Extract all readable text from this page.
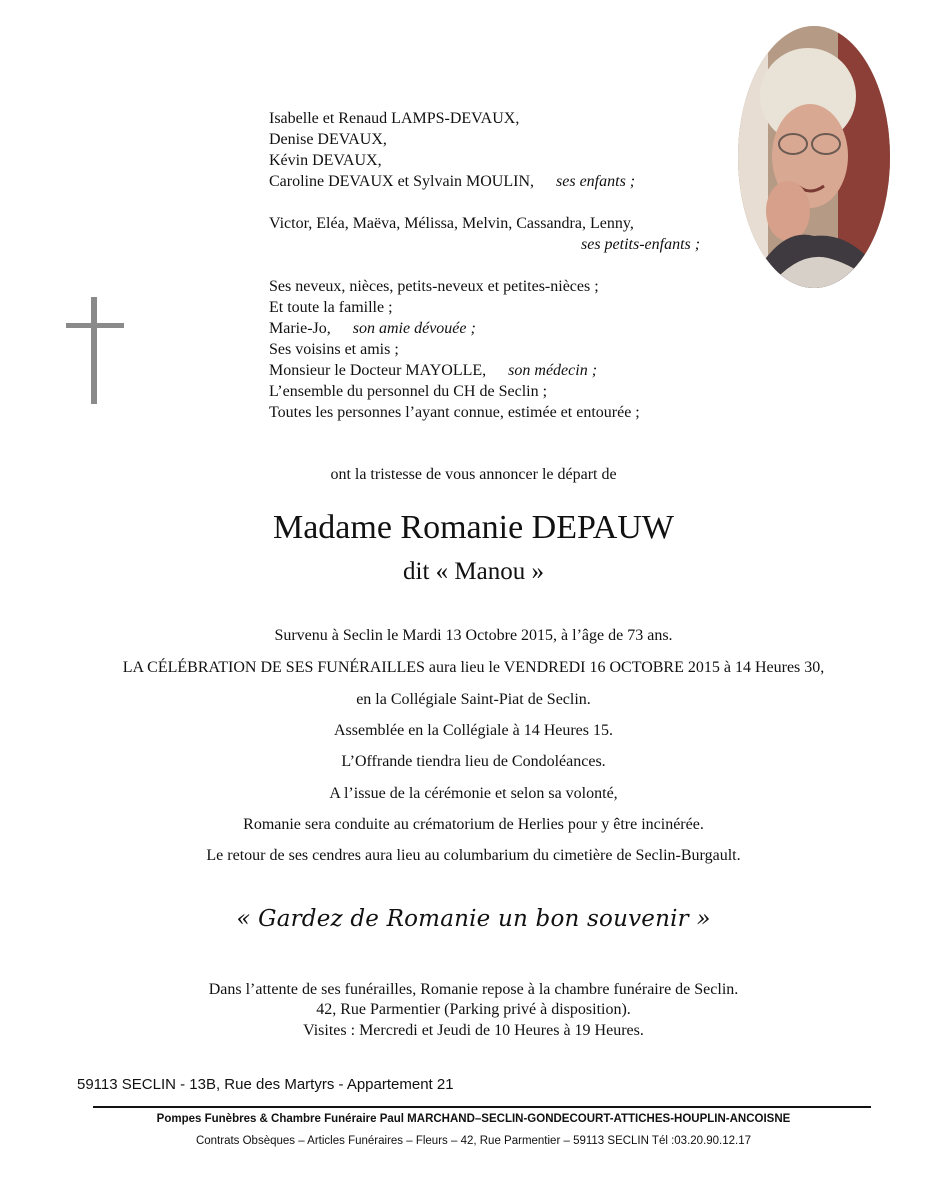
Isabelle et Renaud LAMPS-DEVAUX,
Denise DEVAUX,
Kévin DEVAUX,
Caroline DEVAUX et Sylvain MOULIN, ses enfants ;
Victor, Eléa, Maëva, Mélissa, Melvin, Cassandra, Lenny,
ses petits-enfants ;
Ses neveux, nièces, petits-neveux et petites-nièces ;
Et toute la famille ;
Marie-Jo, son amie dévouée ;
Ses voisins et amis ;
Monsieur le Docteur MAYOLLE, son médecin ;
L’ensemble du personnel du CH de Seclin ;
Toutes les personnes l’ayant connue, estimée et entourée ;
ont la tristesse de vous annoncer le départ de
Madame Romanie DEPAUW
dit « Manou »
Survenu à Seclin le Mardi 13 Octobre 2015, à l’âge de 73 ans.
LA CÉLÉBRATION DE SES FUNÉRAILLES aura lieu le VENDREDI 16 OCTOBRE 2015 à 14 Heures 30,
en la Collégiale Saint-Piat de Seclin.
Assemblée en la Collégiale à 14 Heures 15.
L’Offrande tiendra lieu de Condoléances.
A l’issue de la cérémonie et selon sa volonté,
Romanie sera conduite au crématorium de Herlies pour y être incinérée.
Le retour de ses cendres aura lieu au columbarium du cimetière de Seclin-Burgault.
« Gardez de Romanie un bon souvenir »
Dans l’attente de ses funérailles, Romanie repose à la chambre funéraire de Seclin.
42, Rue Parmentier (Parking privé à disposition).
Visites : Mercredi et Jeudi de 10 Heures à 19 Heures.
59113 SECLIN - 13B, Rue des Martyrs - Appartement 21
Pompes Funèbres & Chambre Funéraire Paul MARCHAND–SECLIN-GONDECOURT-ATTICHES-HOUPLIN-ANCOISNE
Contrats Obsèques – Articles Funéraires – Fleurs – 42, Rue Parmentier – 59113 SECLIN Tél :03.20.90.12.17
